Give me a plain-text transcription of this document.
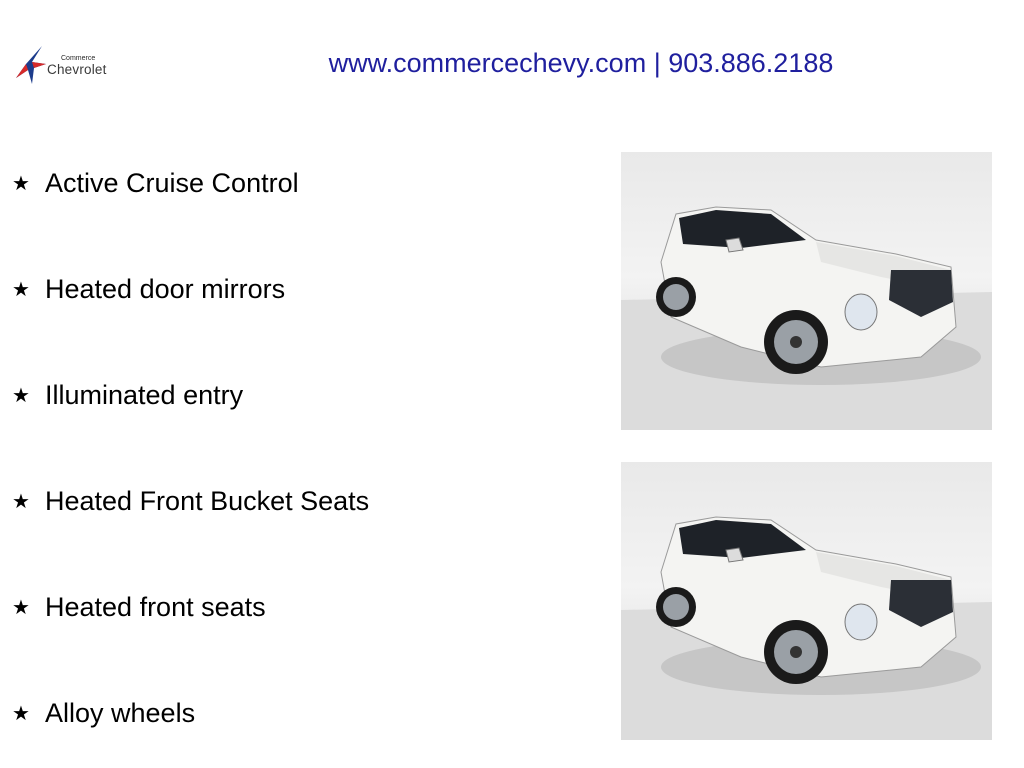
Commerce
Chevrolet	www.commercechevy.com | 903.886.2188
★ Active Cruise Control
★ Heated door mirrors
★ Illuminated entry
★ Heated Front Bucket Seats
★ Heated front seats
★ Alloy wheels
